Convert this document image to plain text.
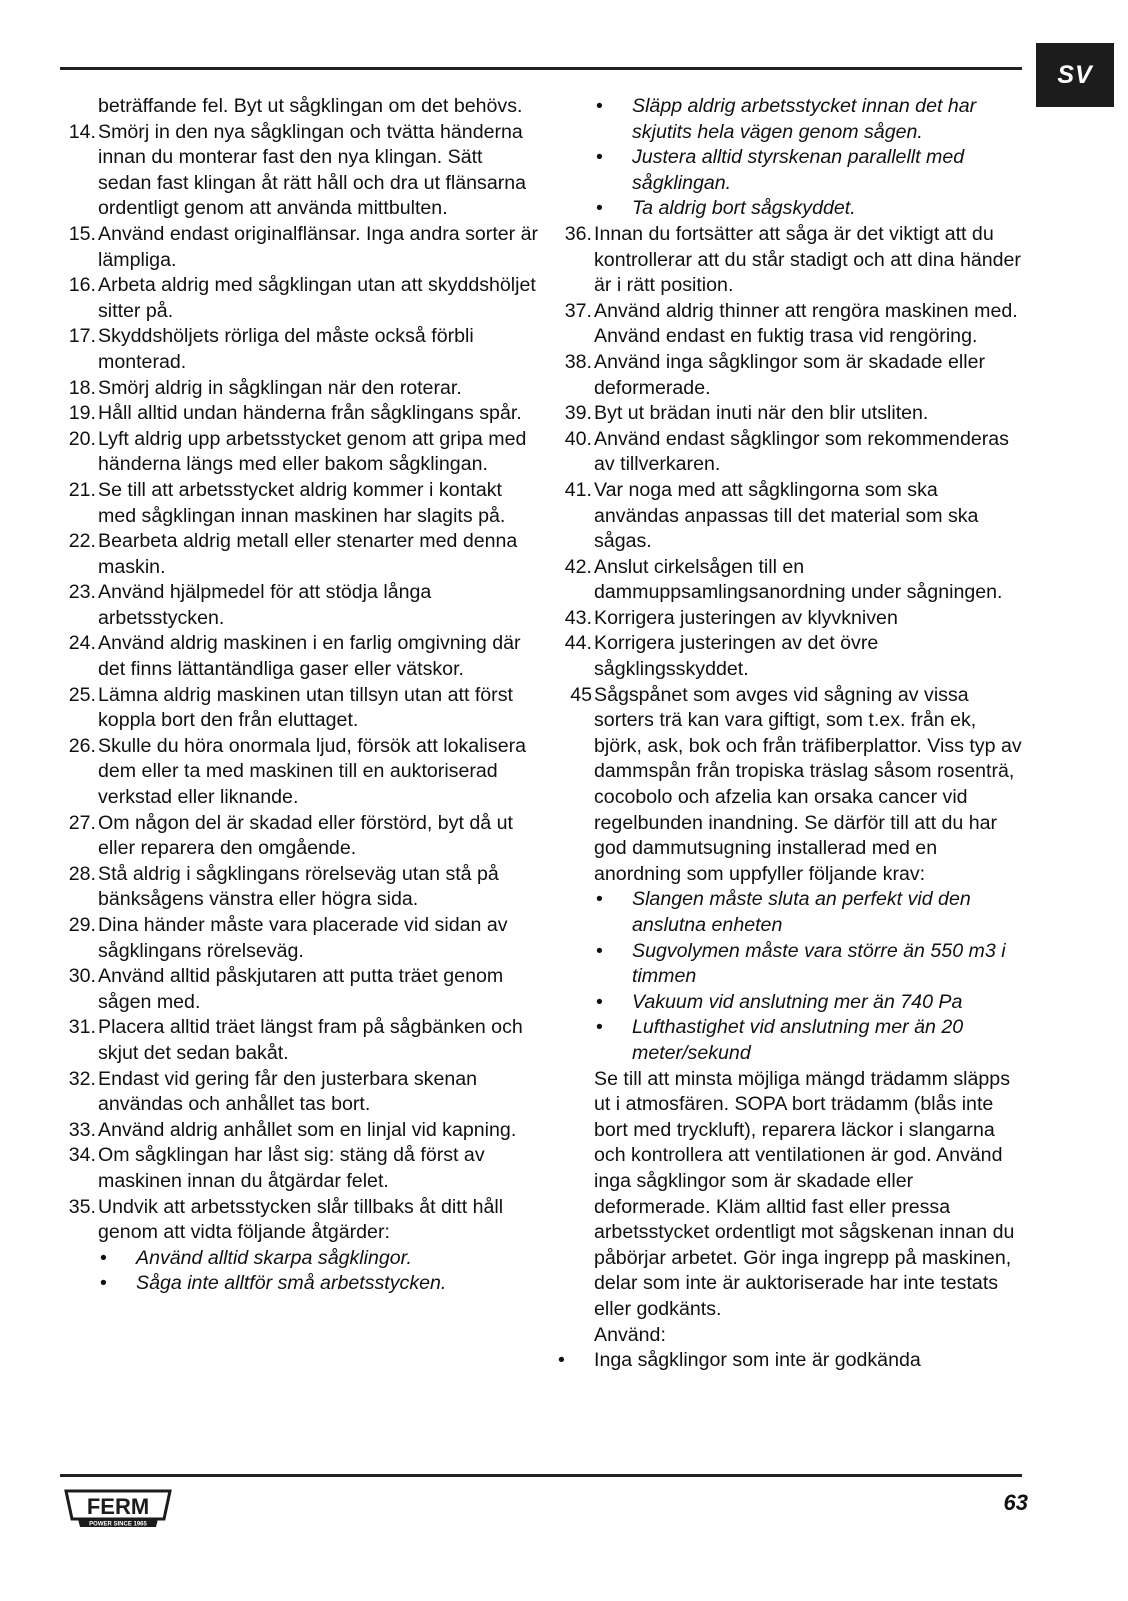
SV
beträffande fel. Byt ut sågklingan om det behövs.
14. Smörj in den nya sågklingan och tvätta händerna innan du monterar fast den nya klingan. Sätt sedan fast klingan åt rätt håll och dra ut flänsarna ordentligt genom att använda mittbulten.
15. Använd endast originalflänsar. Inga andra sorter är lämpliga.
16. Arbeta aldrig med sågklingan utan att skyddshöljet sitter på.
17. Skyddshöljets rörliga del måste också förbli monterad.
18. Smörj aldrig in sågklingan när den roterar.
19. Håll alltid undan händerna från sågklingans spår.
20. Lyft aldrig upp arbetsstycket genom att gripa med händerna längs med eller bakom sågklingan.
21. Se till att arbetsstycket aldrig kommer i kontakt med sågklingan innan maskinen har slagits på.
22. Bearbeta aldrig metall eller stenarter med denna maskin.
23. Använd hjälpmedel för att stödja långa arbetsstycken.
24. Använd aldrig maskinen i en farlig omgivning där det finns lättantändliga gaser eller vätskor.
25. Lämna aldrig maskinen utan tillsyn utan att först koppla bort den från eluttaget.
26. Skulle du höra onormala ljud, försök att lokalisera dem eller ta med maskinen till en auktoriserad verkstad eller liknande.
27. Om någon del är skadad eller förstörd, byt då ut eller reparera den omgående.
28. Stå aldrig i sågklingans rörelseväg utan stå på bänksågens vänstra eller högra sida.
29. Dina händer måste vara placerade vid sidan av sågklingans rörelseväg.
30. Använd alltid påskjutaren att putta träet genom sågen med.
31. Placera alltid träet längst fram på sågbänken och skjut det sedan bakåt.
32. Endast vid gering får den justerbara skenan användas och anhållet tas bort.
33. Använd aldrig anhållet som en linjal vid kapning.
34. Om sågklingan har låst sig: stäng då först av maskinen innan du åtgärdar felet.
35. Undvik att arbetsstycken slår tillbaks åt ditt håll genom att vidta följande åtgärder:
• Använd alltid skarpa sågklingor.
• Såga inte alltför små arbetsstycken.
• Släpp aldrig arbetsstycket innan det har skjutits hela vägen genom sågen.
• Justera alltid styrskenan parallellt med sågklingan.
• Ta aldrig bort sågskyddet.
36. Innan du fortsätter att såga är det viktigt att du kontrollerar att du står stadigt och att dina händer är i rätt position.
37. Använd aldrig thinner att rengöra maskinen med. Använd endast en fuktig trasa vid rengöring.
38. Använd inga sågklingor som är skadade eller deformerade.
39. Byt ut brädan inuti när den blir utsliten.
40. Använd endast sågklingor som rekommenderas av tillverkaren.
41. Var noga med att sågklingorna som ska användas anpassas till det material som ska sågas.
42. Anslut cirkelsågen till en dammuppsamlingsanordning under sågningen.
43. Korrigera justeringen av klyvkniven
44. Korrigera justeringen av det övre sågklingsskyddet.
45 Sågspånet som avges vid sågning av vissa sorters trä kan vara giftigt, som t.ex. från ek, björk, ask, bok och från träfiberplattor. Viss typ av dammspån från tropiska träslag såsom rosenträ, cocobolo och afzelia kan orsaka cancer vid regelbunden inandning. Se därför till att du har god dammutsugning installerad med en anordning som uppfyller följande krav:
• Slangen måste sluta an perfekt vid den anslutna enheten
• Sugvolymen måste vara större än 550 m3 i timmen
• Vakuum vid anslutning mer än 740 Pa
• Lufthastighet vid anslutning mer än 20 meter/sekund
Se till att minsta möjliga mängd trädamm släpps ut i atmosfären. SOPA bort trädamm (blås inte bort med tryckluft), reparera läckor i slangarna och kontrollera att ventilationen är god. Använd inga sågklingor som är skadade eller deformerade. Kläm alltid fast eller pressa arbetsstycket ordentligt mot sågskenan innan du påbörjar arbetet. Gör inga ingrepp på maskinen, delar som inte är auktoriserade har inte testats eller godkänts.
Använd:
• Inga sågklingor som inte är godkända
FERM
POWER SINCE 1965
63
